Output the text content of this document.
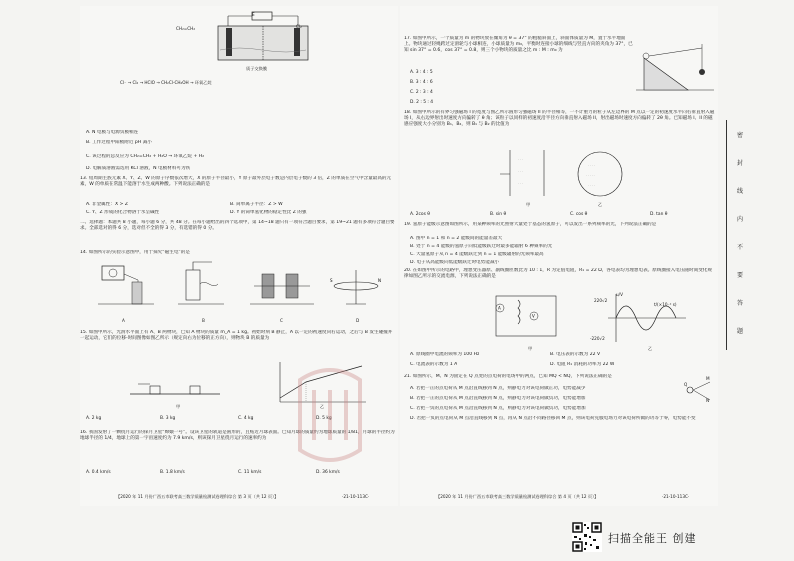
E
质子交换膜
CH₂=CH₂	Cl₂
Cl⁻ → Cl₂ → HClO → CH₂Cl-CH₂OH → 环氧乙烷
A. N 电极与电源负极相连
B. 工作过程中阳极附近 pH 减小
C. 该过程的总反应为 CH₂=CH₂ + H₂O → 环氧乙烷 + H₂
D. 电解质溶液需选用 KCl 溶液，N 电极材料可为铁
13. 短周期主族元素 X、Y、Z、W 的原子序数依次增大，X 的原子半径最小，Y 原子最外层电子数是内层电子数的 3 倍，Z 的单质在空气中含量最高的元素，W 的单质在常温下能溶于水生成两种酸。下列说法正确的是
A. 非金属性：X > Z	B. 简单离子半径：Z > W
C. Y、Z 形成的化合物溶于水呈碱性	D. Y 的简单氢化物的稳定性比 Z 的强
二、选择题：本题共 8 小题，每小题 6 分，共 48 分。在每小题给出的四个选项中，第 14~18 题只有一项符合题目要求，第 19~21 题有多项符合题目要求。全部选对的得 6 分，选对但不全的得 3 分，有选错的得 0 分。
14. 如图所示的实验示意图中，用于探究“磁生电”的是
N
S
A	B	C	D
15. 如图甲所示，光滑水平面上有 A、B 两物块，已知 A 物块的质量 m_A = 1 kg。初始时刻 B 静止，A 以一定的初速度向右运动，之后与 B 发生碰撞并一起运动，它们的位移-时间图像如图乙所示（规定向右为位移的正方向），则物块 B 的质量为
甲	乙
A. 2 kg	B. 3 kg	C. 4 kg	D. 5 kg
16. 我国发射了一颗绕月运行的探月卫星“嫦娥一号”。设该卫星的轨道是圆形的，且贴近月球表面。已知月球的质量约为地球质量的 1/81，月球的半径约为地球半径的 1/4，地球上的第一宇宙速度约为 7.9 km/s，则该探月卫星绕月运行的速率约为
A. 0.4 km/s	B. 1.8 km/s	C. 11 km/s	D. 36 km/s
【2020 年 11 月份广西五市联考高三数学质量检测试卷理科综合 第 3 页（共 12 页）】	·21-10-113C·
17. 如图甲所示，一个质量为 m 的物块放在倾角为 θ = 37° 的粗糙斜面上，斜面体质量为 M，置于水平地面上。物块通过轻绳跨过定滑轮与小球相连，小球质量为 m₀，平衡时连接小球的细线与竖直方向的夹角为 37°，已知 sin 37° = 0.6，cos 37° = 0.8，则三个小物块的质量之比 m : M : m₀ 为
A. 3 : 4 : 5
B. 3 : 4 : 6
C. 2 : 3 : 4
D. 2 : 5 : 4
18. 如图甲所示的有界匀强磁场 I 的宽度与图乙所示圆形匀强磁场 II 的半径相等，一不计重力的粒子从左边界的 M 点以一定的初速度水平向右垂直射入磁场 I，从右边界射出时速度方向偏转了 θ 角；该粒子以同样的初速度沿半径方向垂直射入磁场 II，射出磁场时速度方向偏转了 2θ 角。已知磁场 I、II 的磁感应强度大小分别为 B₁、B₂，则 B₁ 与 B₂ 的比值为
· · ·
· · ·
· · ·
· · · ·
· · · · ·
· · · ·
甲	乙
A. 2cos θ	B. sin θ	C. cos θ	D. tan θ
19. 氢原子能级示意图如图所示，用某种频率的光照射大量处于基态的氢原子，可以发出一系列频率的光，下列说法正确的是
A. 图中 n = 1 和 n = 2 能级间的能量差最大
B. 处于 n = 4 能级的氢原子向低能级跃迁时最多能辐射 6 种频率的光
C. 大量氢原子从 n = 4 能级跃迁到 n = 1 能级辐射的光频率最高
D. 电子从高能级向低能级跃迁时电势能减小
20. 在如图甲所示的电路中，理想变压器原、副线圈匝数比为 10 : 1，R 为定值电阻，R₁ = 22 Ω，各电表均为理想电表。原线圈接入电压随时间变化规律如图乙所示的交流电源，下列说法正确的是
A
V
甲	乙
u/V
t/(×10⁻² s)
220√2
-220√2
A. 原线圈中电流的频率为 100 Hz	B. 电压表的示数为 22 V
C. 电流表的示数为 1 A	D. 电阻 R₁ 消耗的功率为 22 W
21. 如图所示，M、N 为固定在 Q 点处的点电荷的电场中的两点，已知 MQ < NQ，下列说法正确的是	M
Q
N
A. 若把一正的点电荷从 M 点沿直线移到 N 点，则静电力对该电荷做正功，电势能减少
B. 若把一正的点电荷从 M 点沿直线移到 N 点，则静电力对该电荷做负功，电势能增加
C. 若把一负的点电荷从 M 点沿直线移到 N 点，则静电力对该电荷做负功，电势能增加
D. 若把一负的点电荷从 M 点沿直线移到 N 点，再从 N 点沿不同路径移回 M 点，则该电荷克服电场力对该电荷所做的功等于零，电势能不变
【2020 年 11 月份广西五市联考高三数学质量检测试卷理科综合 第 4 页（共 12 页）】	·21-10-113C·
密
封
线
内
不
要
答
题
扫描全能王 创建
